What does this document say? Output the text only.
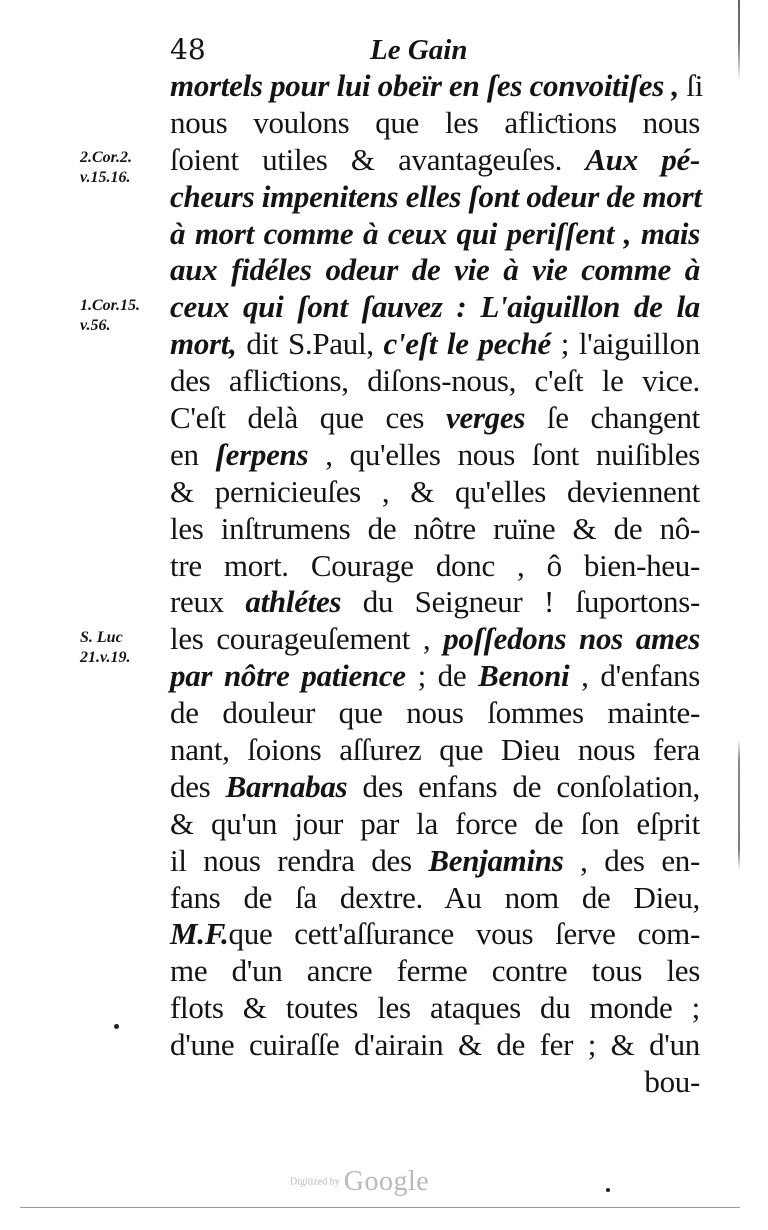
48	Le Gain
2.Cor.2.
v.15.16.
1.Cor.15.
v.56.
S. Luc
21.v.19.
mortels pour lui obeïr en ſes convoitiſes , ſi
nous voulons que les afliƈtions nous
ſoient utiles & avantageuſes. Aux pé-
cheurs impenitens elles ſont odeur de mort
à mort comme à ceux qui periſſent , mais
aux fidéles odeur de vie à vie comme à
ceux qui ſont ſauvez : L'aiguillon de la
mort, dit S.Paul, c'eſt le peché ; l'aiguillon
des afliƈtions, diſons-nous, c'eſt le vice.
C'eſt delà que ces verges ſe changent
en ſerpens , qu'elles nous ſont nuiſibles
& pernicieuſes , & qu'elles deviennent
les inſtrumens de nôtre ruïne & de nô-
tre mort. Courage donc , ô bien-heu-
reux athlétes du Seigneur ! ſuportons-
les courageuſement , poſſedons nos ames
par nôtre patience ; de Benoni , d'enfans
de douleur que nous ſommes mainte-
nant, ſoions aſſurez que Dieu nous fera
des Barnabas des enfans de conſolation,
& qu'un jour par la force de ſon eſprit
il nous rendra des Benjamins , des en-
fans de ſa dextre. Au nom de Dieu,
M.F.que cett'aſſurance vous ſerve com-
me d'un ancre ferme contre tous les
flots & toutes les ataques du monde ;
d'une cuiraſſe d'airain & de fer ; & d'un
bou-
Digitized by Google
